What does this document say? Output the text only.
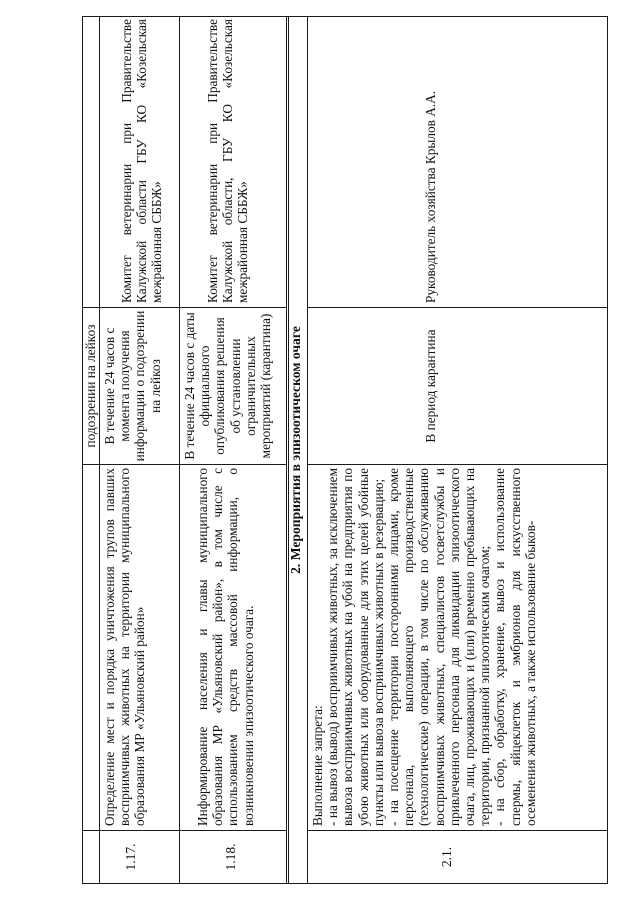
подозрении на лейкоз

1.17.

Определение мест и порядка уничтожения трупов павших восприимчивых животных на территории муниципального образования МР «Ульяновский район»

В течение 24 часов с момента получения информации о подозрении на лейкоз

Комитет ветеринарии при Правительстве Калужской области ГБУ КО «Козельская межрайонная СББЖ»

1.18.

Информирование населения и главы муниципального образования МР «Ульяновский район», в том числе с использованием средств массовой информации, о возникновении эпизоотического очага.

В течение 24 часов с даты официального опубликования решения об установлении ограничительных мероприятий (карантина)

Комитет ветеринарии при Правительстве Калужской области, ГБУ КО «Козельская межрайонная СББЖ»

2. Мероприятия в эпизоотическом очаге

2.1.

Выполнение запрета: - на вывоз (вывод) восприимчивых животных, за исключением вывоза восприимчивых животных на убой на предприятия по убою животных или оборудованные для этих целей убойные пункты или вывоза восприимчивых животных в резервацию; - на посещение территории посторонними лицами, кроме персонала, выполняющего производственные (технологические) операции, в том числе по обслуживанию восприимчивых животных, специалистов госветслужбы и привлеченного персонала для ликвидации эпизоотического очага, лиц, проживающих и (или) временно пребывающих на территории, признанной эпизоотическим очагом; - на сбор, обработку, хранение, вывоз и использование спермы, яйцеклеток и эмбрионов для искусственного осеменения животных, а также использование быков-

В период карантина

Руководитель хозяйства Крылов А.А.
